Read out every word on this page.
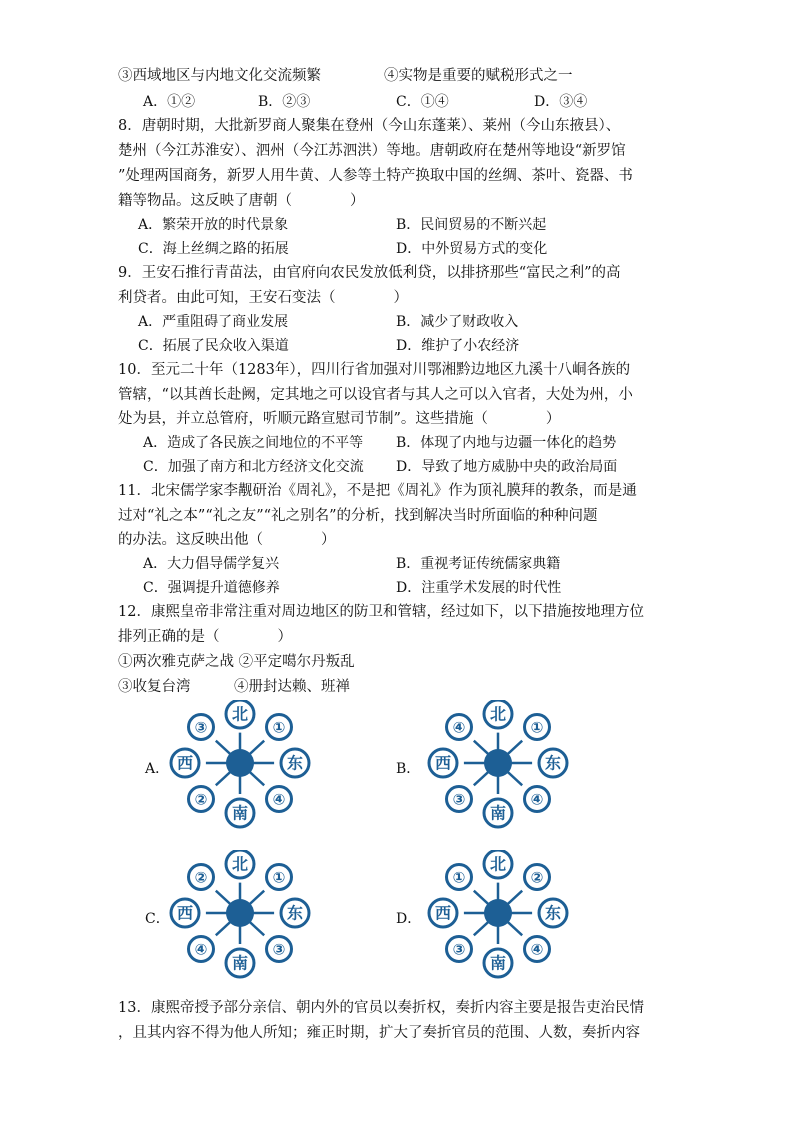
③西域地区与内地文化交流频繁	④实物是重要的赋税形式之一
A．①②	B．②③	C．①④	D．③④
8．唐朝时期，大批新罗商人聚集在登州（今山东蓬莱）、莱州（今山东掖县）、
楚州（今江苏淮安）、泗州（今江苏泗洪）等地。唐朝政府在楚州等地设“新罗馆
”处理两国商务，新罗人用牛黄、人参等土特产换取中国的丝绸、茶叶、瓷器、书
籍等物品。这反映了唐朝（　　　　）
A．繁荣开放的时代景象	B．民间贸易的不断兴起
C．海上丝绸之路的拓展	D．中外贸易方式的变化
9．王安石推行青苗法，由官府向农民发放低利贷，以排挤那些“富民之利”的高
利贷者。由此可知，王安石变法（　　　　）
A．严重阻碍了商业发展	B．减少了财政收入
C．拓展了民众收入渠道	D．维护了小农经济
10．至元二十年（1283年），四川行省加强对川鄂湘黔边地区九溪十八峒各族的
管辖，“以其酋长赴阙，定其地之可以设官者与其人之可以入官者，大处为州，小
处为县，并立总管府，听顺元路宣慰司节制”。这些措施（　　　　）
A．造成了各民族之间地位的不平等 B．体现了内地与边疆一体化的趋势
C．加强了南方和北方经济文化交流 D．导致了地方威胁中央的政治局面
11．北宋儒学家李觏研治《周礼》，不是把《周礼》作为顶礼膜拜的教条，而是通
过对“礼之本”“礼之友”“礼之别名”的分析，找到解决当时所面临的种种问题
的办法。这反映出他（　　　　）
A．大力倡导儒学复兴	B．重视考证传统儒家典籍
C．强调提升道德修养	D．注重学术发展的时代性
12．康熙皇帝非常注重对周边地区的防卫和管辖，经过如下，以下措施按地理方位
排列正确的是（　　　　）
①两次雅克萨之战 ②平定噶尔丹叛乱
③收复台湾　　　④册封达赖、班禅
A．
北
南
西	东
③	①
②	④
B．
北
南
西	东
④	①
③	④
C．
北
南
西	东
②	①
④	③
D．
北
南
西	东
①	②
③	④
13．康熙帝授予部分亲信、朝内外的官员以奏折权，奏折内容主要是报告吏治民情
，且其内容不得为他人所知；雍正时期，扩大了奏折官员的范围、人数，奏折内容
